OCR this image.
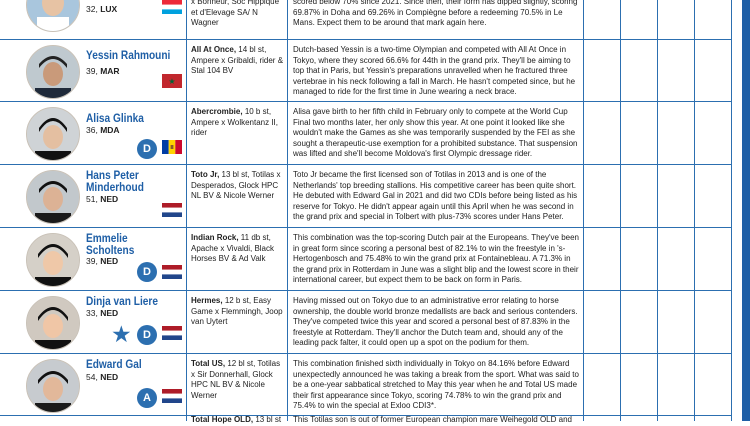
32, LUX
x Bonheur, Soc Hippique et d'Elevage SA/ N Wagner
scored below 70% since 2021. Since then, their form has dipped slightly, scoring 69.87% in Doha and 69.26% in Compiègne before a redeeming 70.5% in Le Mans. Expect them to be around that mark again here.
Yessin Rahmouni
39, MAR
★
All At Once, 14 bl st, Ampere x Gribaldi, rider & Stal 104 BV
Dutch-based Yessin is a two-time Olympian and competed with All At Once in Tokyo, where they scored 66.6% for 44th in the grand prix. They'll be aiming to top that in Paris, but Yessin's preparations unravelled when he fractured three vertebrae in his neck following a fall in March. He hasn't competed since, but he managed to ride for the first time in June wearing a neck brace.
Alisa Glinka
36, MDA
D
Abercrombie, 10 b st, Ampere x Wolkentanz II, rider
Alisa gave birth to her fifth child in February only to compete at the World Cup Final two months later, her only show this year. At one point it looked like she wouldn't make the Games as she was temporarily suspended by the FEI as she sought a therapeutic-use exemption for a prohibited substance. That suspension was lifted and she'll become Moldova's first Olympic dressage rider.
Hans Peter Minderhoud
51, NED
Toto Jr, 13 bl st, Totilas x Desperados, Glock HPC NL BV & Nicole Werner
Toto Jr became the first licensed son of Totilas in 2013 and is one of the Netherlands' top breeding stallions. His competitive career has been quite short. He debuted with Edward Gal in 2021 and did two CDIs before being listed as his reserve for Tokyo. He didn't appear again until this April when he was second in the grand prix and special in Tolbert with plus-73% scores under Hans Peter.
Emmelie Scholtens
39, NED
D
Indian Rock, 11 db st, Apache x Vivaldi, Black Horses BV & Ad Valk
This combination was the top-scoring Dutch pair at the Europeans. They've been in great form since scoring a personal best of 82.1% to win the freestyle in 's-Hertogenbosch and 75.48% to win the grand prix at Fontainebleau. A 71.3% in the grand prix in Rotterdam in June was a slight blip and the lowest score in their international career, but expect them to be back on form in Paris.
Dinja van Liere
33, NED
★	D
Hermes, 12 b st, Easy Game x Flemmingh, Joop van Uytert
Having missed out on Tokyo due to an administrative error relating to horse ownership, the double world bronze medallists are back and serious contenders. They've competed twice this year and scored a personal best of 87.83% in the freestyle at Rotterdam. They'll anchor the Dutch team and, should any of the leading pack falter, it could open up a spot on the podium for them.
Edward Gal
54, NED
A
Total US, 12 bl st, Totilas x Sir Donnerhall, Glock HPC NL BV & Nicole Werner
This combination finished sixth individually in Tokyo on 84.16% before Edward unexpectedly announced he was taking a break from the sport. What was said to be a one-year sabbatical stretched to May this year when he and Total US made their first appearance since Tokyo, scoring 74.78% to win the grand prix and 75.4% to win the special at Exloo CDI3*.
Total Hope OLD, 13 bl st	This Totilas son is out of former European champion mare Weihegold OLD and
